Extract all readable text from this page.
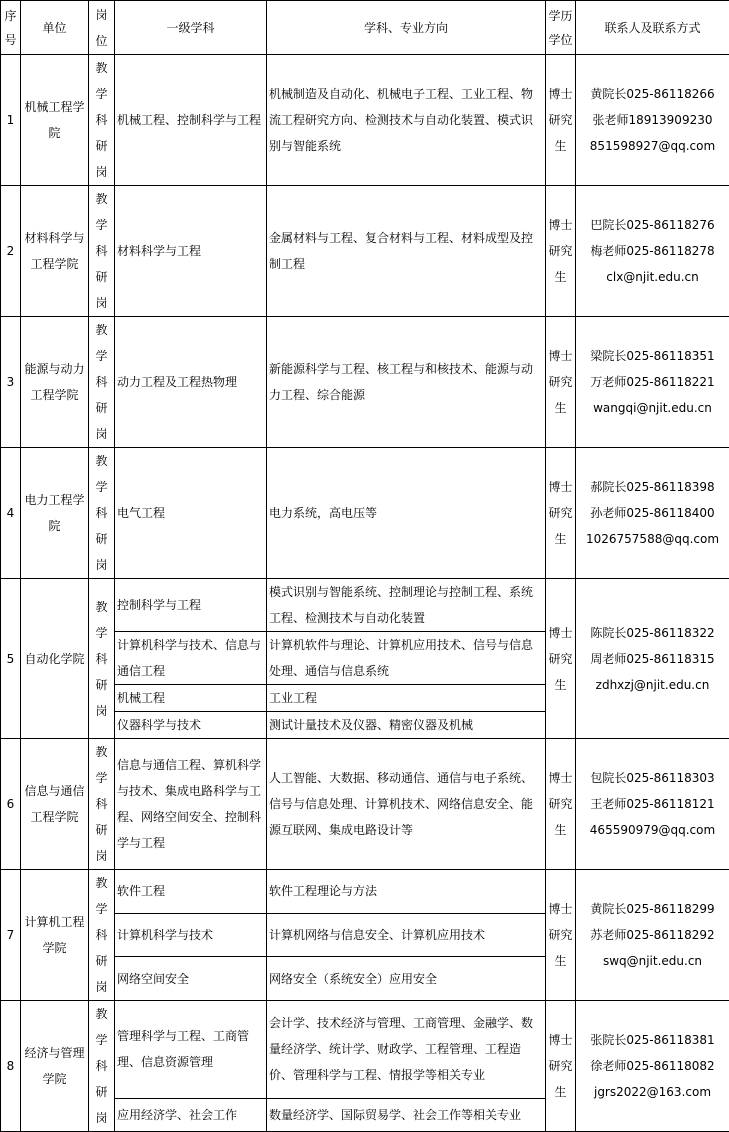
序号	单位	岗位	一级学科	学科、专业方向	学历学位	联系人及联系方式
1	机械工程学院	教学科研岗	机械工程、控制科学与工程	机械制造及自动化、机械电子工程、工业工程、物流工程研究方向、检测技术与自动化装置、模式识别与智能系统	博士研究生	黄院长025-86118266
张老师18913909230
851598927@qq.com
2	材料科学与工程学院	教学科研岗	材料科学与工程	金属材料与工程、复合材料与工程、材料成型及控制工程	博士研究生	巴院长025-86118276
梅老师025-86118278
clx@njit.edu.cn
3	能源与动力工程学院	教学科研岗	动力工程及工程热物理	新能源科学与工程、核工程与和核技术、能源与动力工程、综合能源	博士研究生	梁院长025-86118351
万老师025-86118221
wangqi@njit.edu.cn
4	电力工程学院	教学科研岗	电气工程	电力系统，高电压等	博士研究生	郝院长025-86118398
孙老师025-86118400
1026757588@qq.com
5	自动化学院	教学科研岗	控制科学与工程	模式识别与智能系统、控制理论与控制工程、系统工程、检测技术与自动化装置	博士研究生	陈院长025-86118322
周老师025-86118315
zdhxzj@njit.edu.cn
			计算机科学与技术、信息与通信工程	计算机软件与理论、计算机应用技术、信号与信息处理、通信与信息系统		
			机械工程	工业工程		
			仪器科学与技术	测试计量技术及仪器、精密仪器及机械		
6	信息与通信工程学院	教学科研岗	信息与通信工程、算机科学与技术、集成电路科学与工程、网络空间安全、控制科学与工程	人工智能、大数据、移动通信、通信与电子系统、信号与信息处理、计算机技术、网络信息安全、能源互联网、集成电路设计等	博士研究生	包院长025-86118303
王老师025-86118121
465590979@qq.com
7	计算机工程学院	教学科研岗	软件工程	软件工程理论与方法	博士研究生	黄院长025-86118299
苏老师025-86118292
swq@njit.edu.cn
			计算机科学与技术	计算机网络与信息安全、计算机应用技术		
			网络空间安全	网络安全（系统安全）应用安全		
8	经济与管理学院	教学科研岗	管理科学与工程、工商管理、信息资源管理	会计学、技术经济与管理、工商管理、金融学、数量经济学、统计学、财政学、工程管理、工程造价、管理科学与工程、情报学等相关专业	博士研究生	张院长025-86118381
徐老师025-86118082
jgrs2022@163.com
			应用经济学、社会工作	数量经济学、国际贸易学、社会工作等相关专业		
